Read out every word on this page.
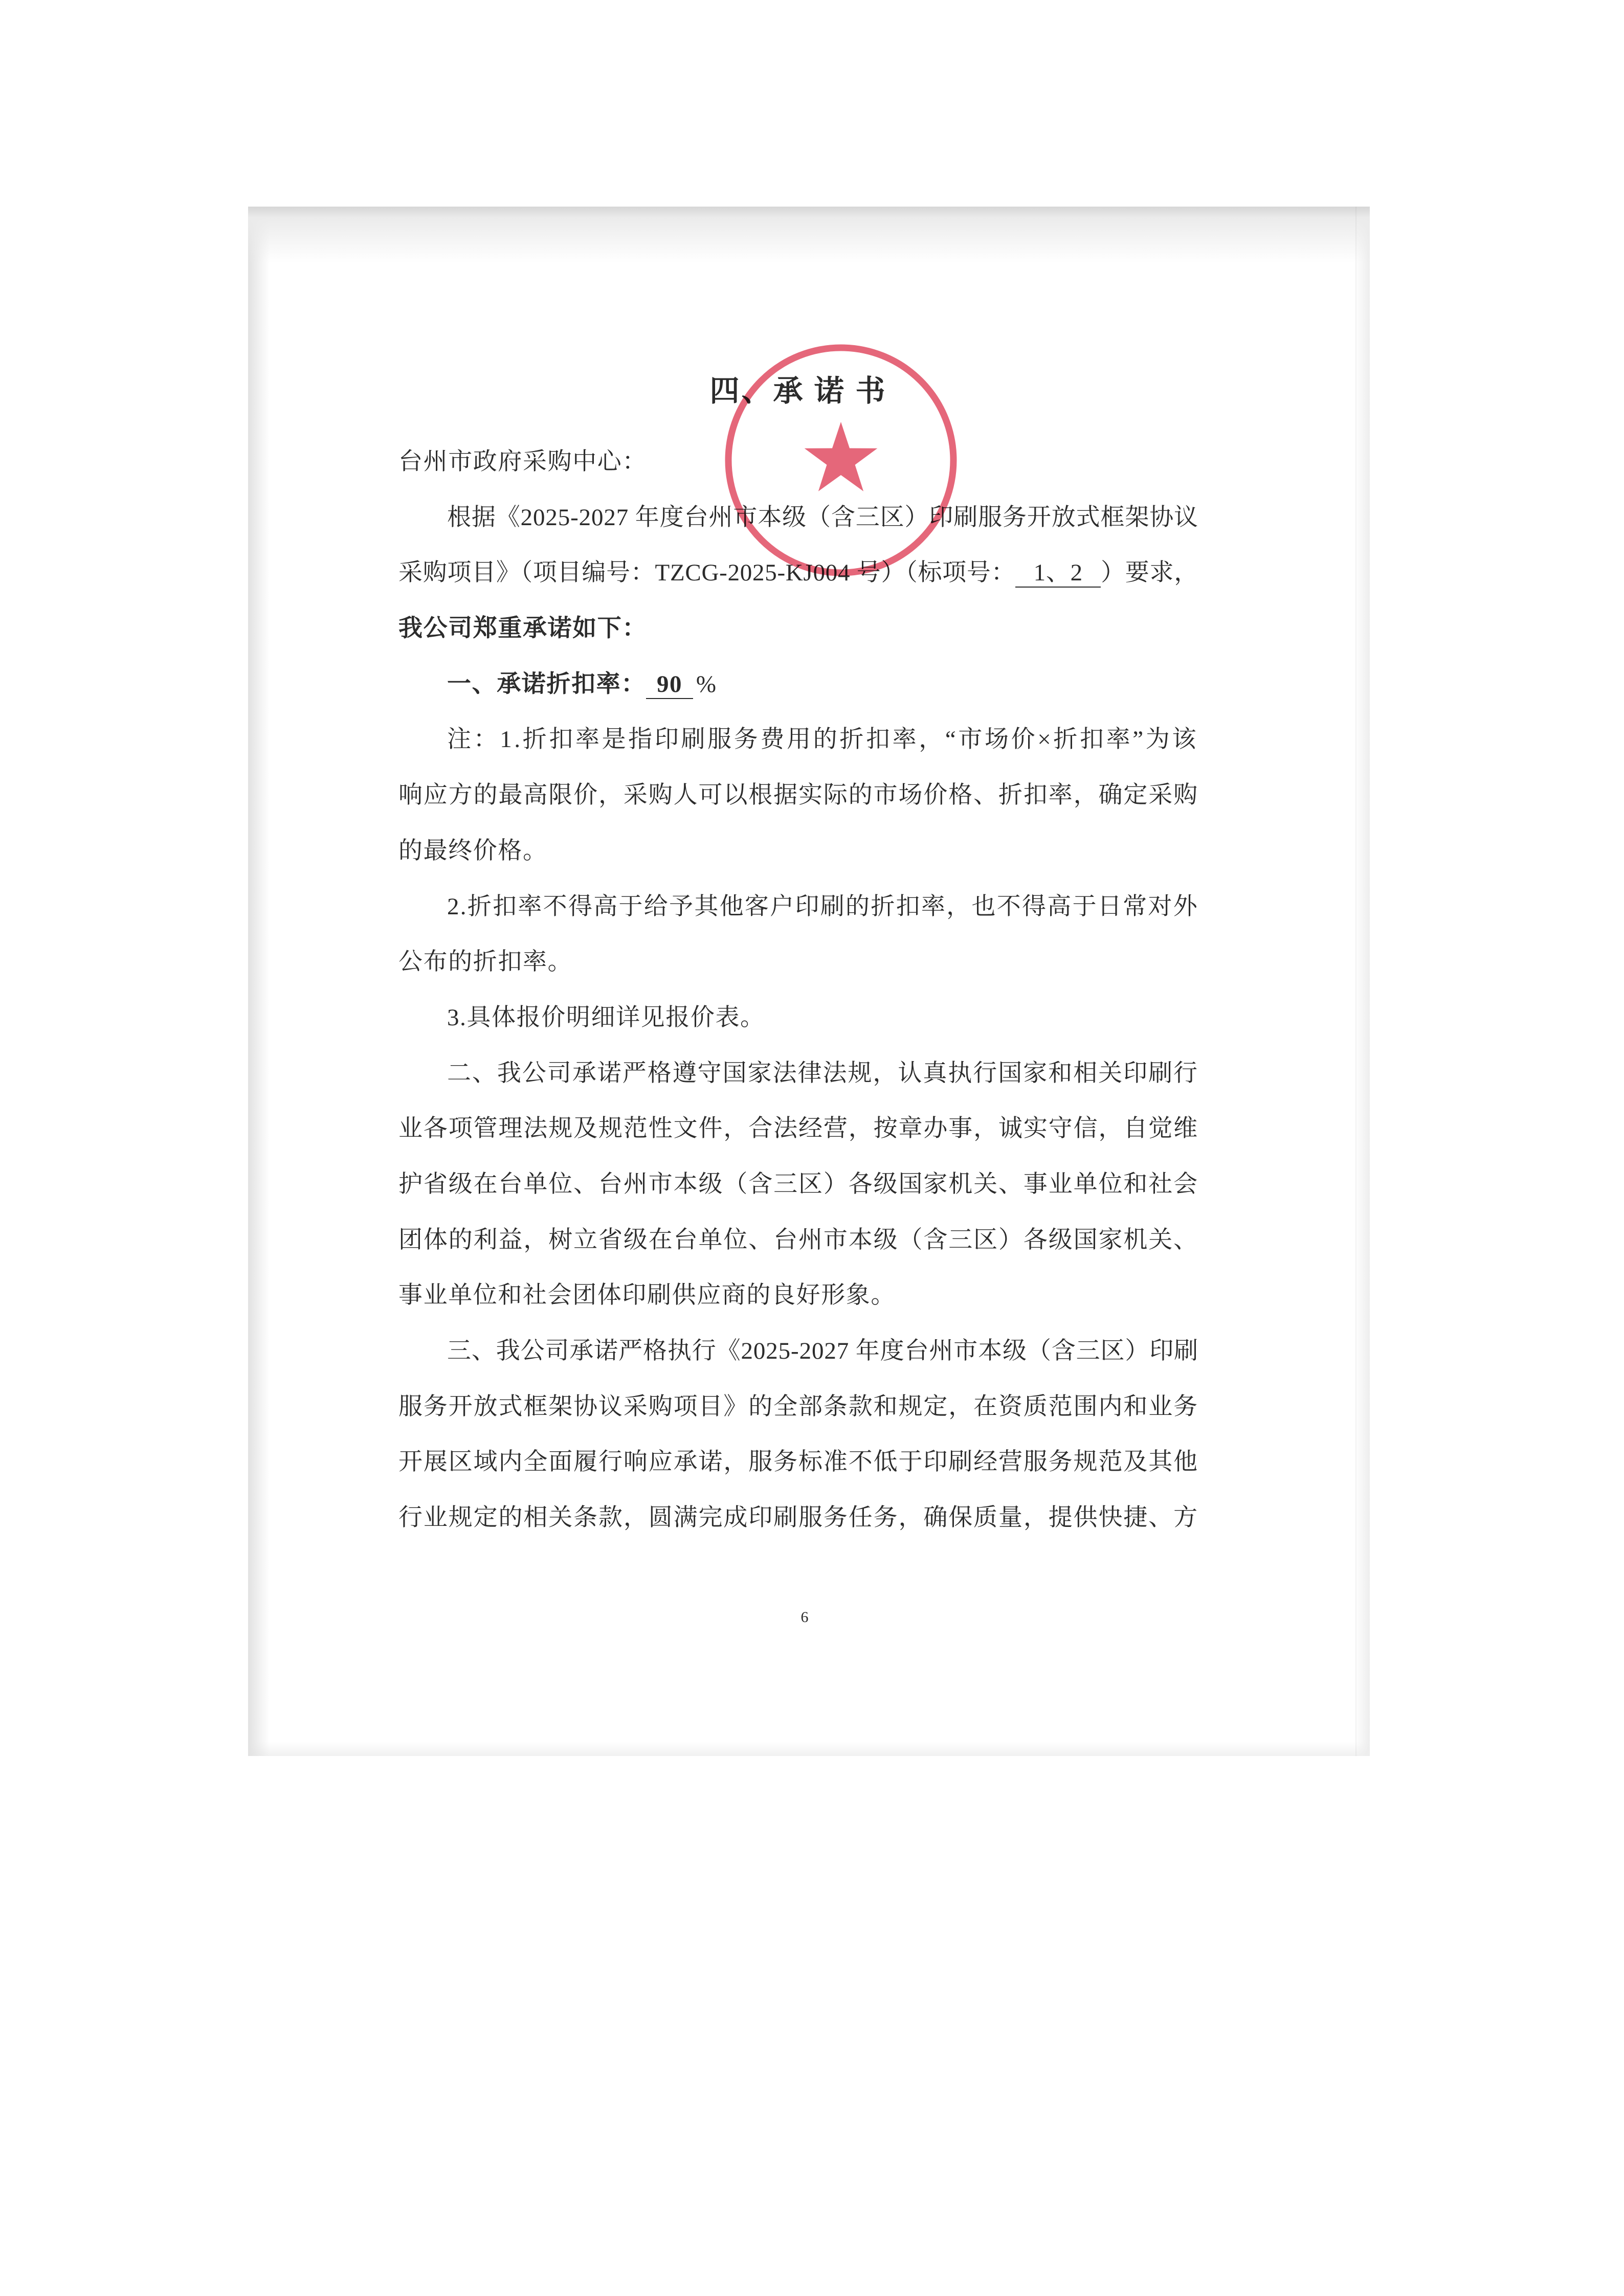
四、承 诺 书
台州市政府采购中心：
根据《2025-2027 年度台州市本级（含三区）印刷服务开放式框架协议
采购项目》（项目编号：TZCG-2025-KJ004 号）（标项号： 1、2 ）要求，
我公司郑重承诺如下：
一、承诺折扣率： 90 %
注：1.折扣率是指印刷服务费用的折扣率，“市场价×折扣率”为该
响应方的最高限价，采购人可以根据实际的市场价格、折扣率，确定采购
的最终价格。
2.折扣率不得高于给予其他客户印刷的折扣率，也不得高于日常对外
公布的折扣率。
3.具体报价明细详见报价表。
二、我公司承诺严格遵守国家法律法规，认真执行国家和相关印刷行
业各项管理法规及规范性文件，合法经营，按章办事，诚实守信，自觉维
护省级在台单位、台州市本级（含三区）各级国家机关、事业单位和社会
团体的利益，树立省级在台单位、台州市本级（含三区）各级国家机关、
事业单位和社会团体印刷供应商的良好形象。
三、我公司承诺严格执行《2025-2027 年度台州市本级（含三区）印刷
服务开放式框架协议采购项目》的全部条款和规定，在资质范围内和业务
开展区域内全面履行响应承诺，服务标准不低于印刷经营服务规范及其他
行业规定的相关条款，圆满完成印刷服务任务，确保质量，提供快捷、方
6
